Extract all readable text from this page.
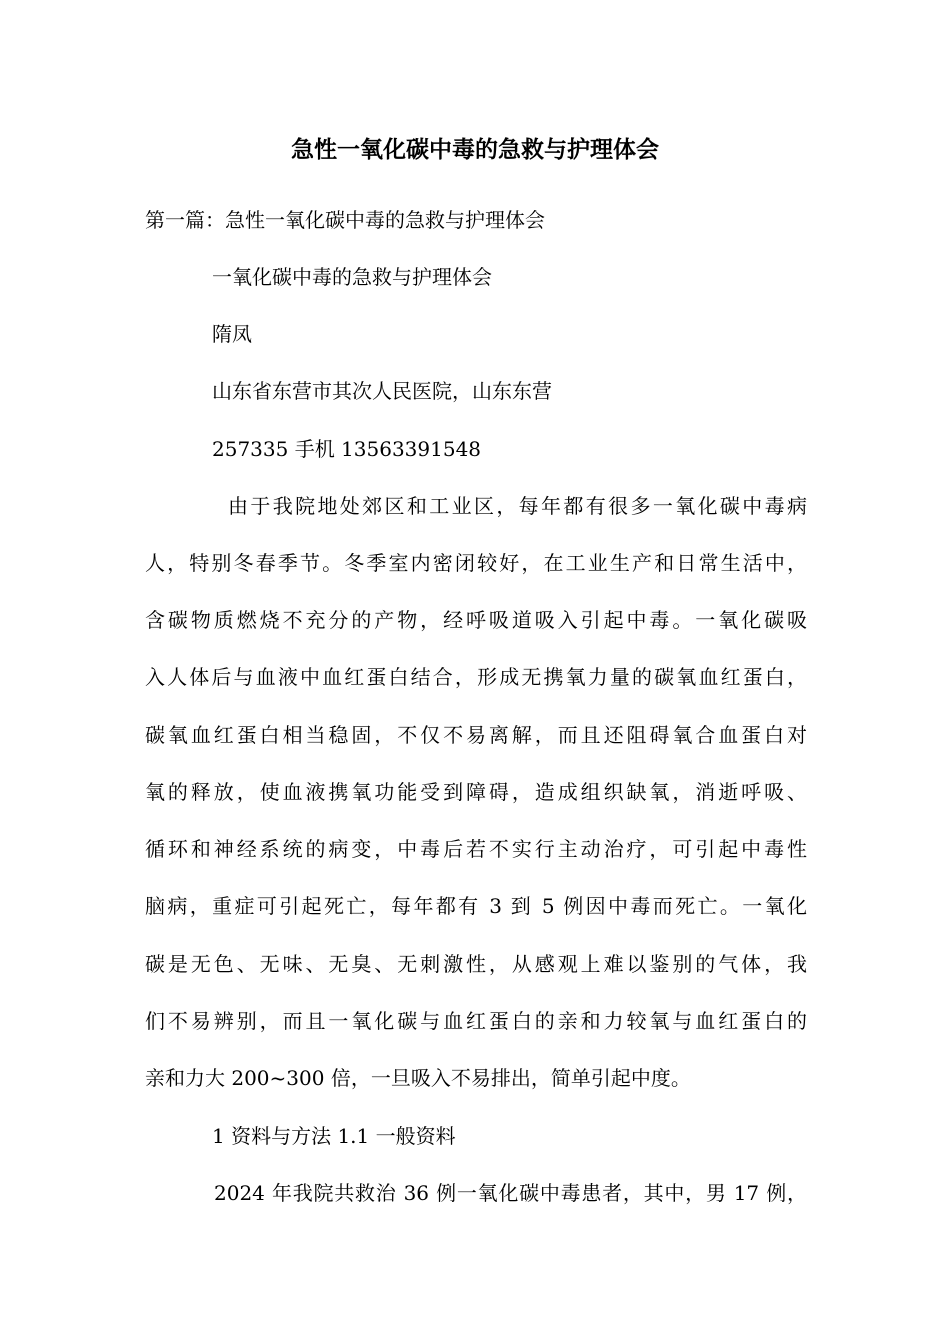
急性一氧化碳中毒的急救与护理体会
第一篇：急性一氧化碳中毒的急救与护理体会
一氧化碳中毒的急救与护理体会
隋凤
山东省东营市其次人民医院，山东东营
257335 手机 13563391548
由于我院地处郊区和工业区，每年都有很多一氧化碳中毒病
人，特别冬春季节。冬季室内密闭较好，在工业生产和日常生活中，
含碳物质燃烧不充分的产物，经呼吸道吸入引起中毒。一氧化碳吸
入人体后与血液中血红蛋白结合，形成无携氧力量的碳氧血红蛋白，
碳氧血红蛋白相当稳固，不仅不易离解，而且还阻碍氧合血蛋白对
氧的释放，使血液携氧功能受到障碍，造成组织缺氧，消逝呼吸、
循环和神经系统的病变，中毒后若不实行主动治疗，可引起中毒性
脑病，重症可引起死亡，每年都有 3 到 5 例因中毒而死亡。一氧化
碳是无色、无味、无臭、无刺激性，从感观上难以鉴别的气体，我
们不易辨别，而且一氧化碳与血红蛋白的亲和力较氧与血红蛋白的
亲和力大 200~300 倍，一旦吸入不易排出，简单引起中度。
1 资料与方法 1.1 一般资料
2024 年我院共救治 36 例一氧化碳中毒患者，其中，男 17 例，
